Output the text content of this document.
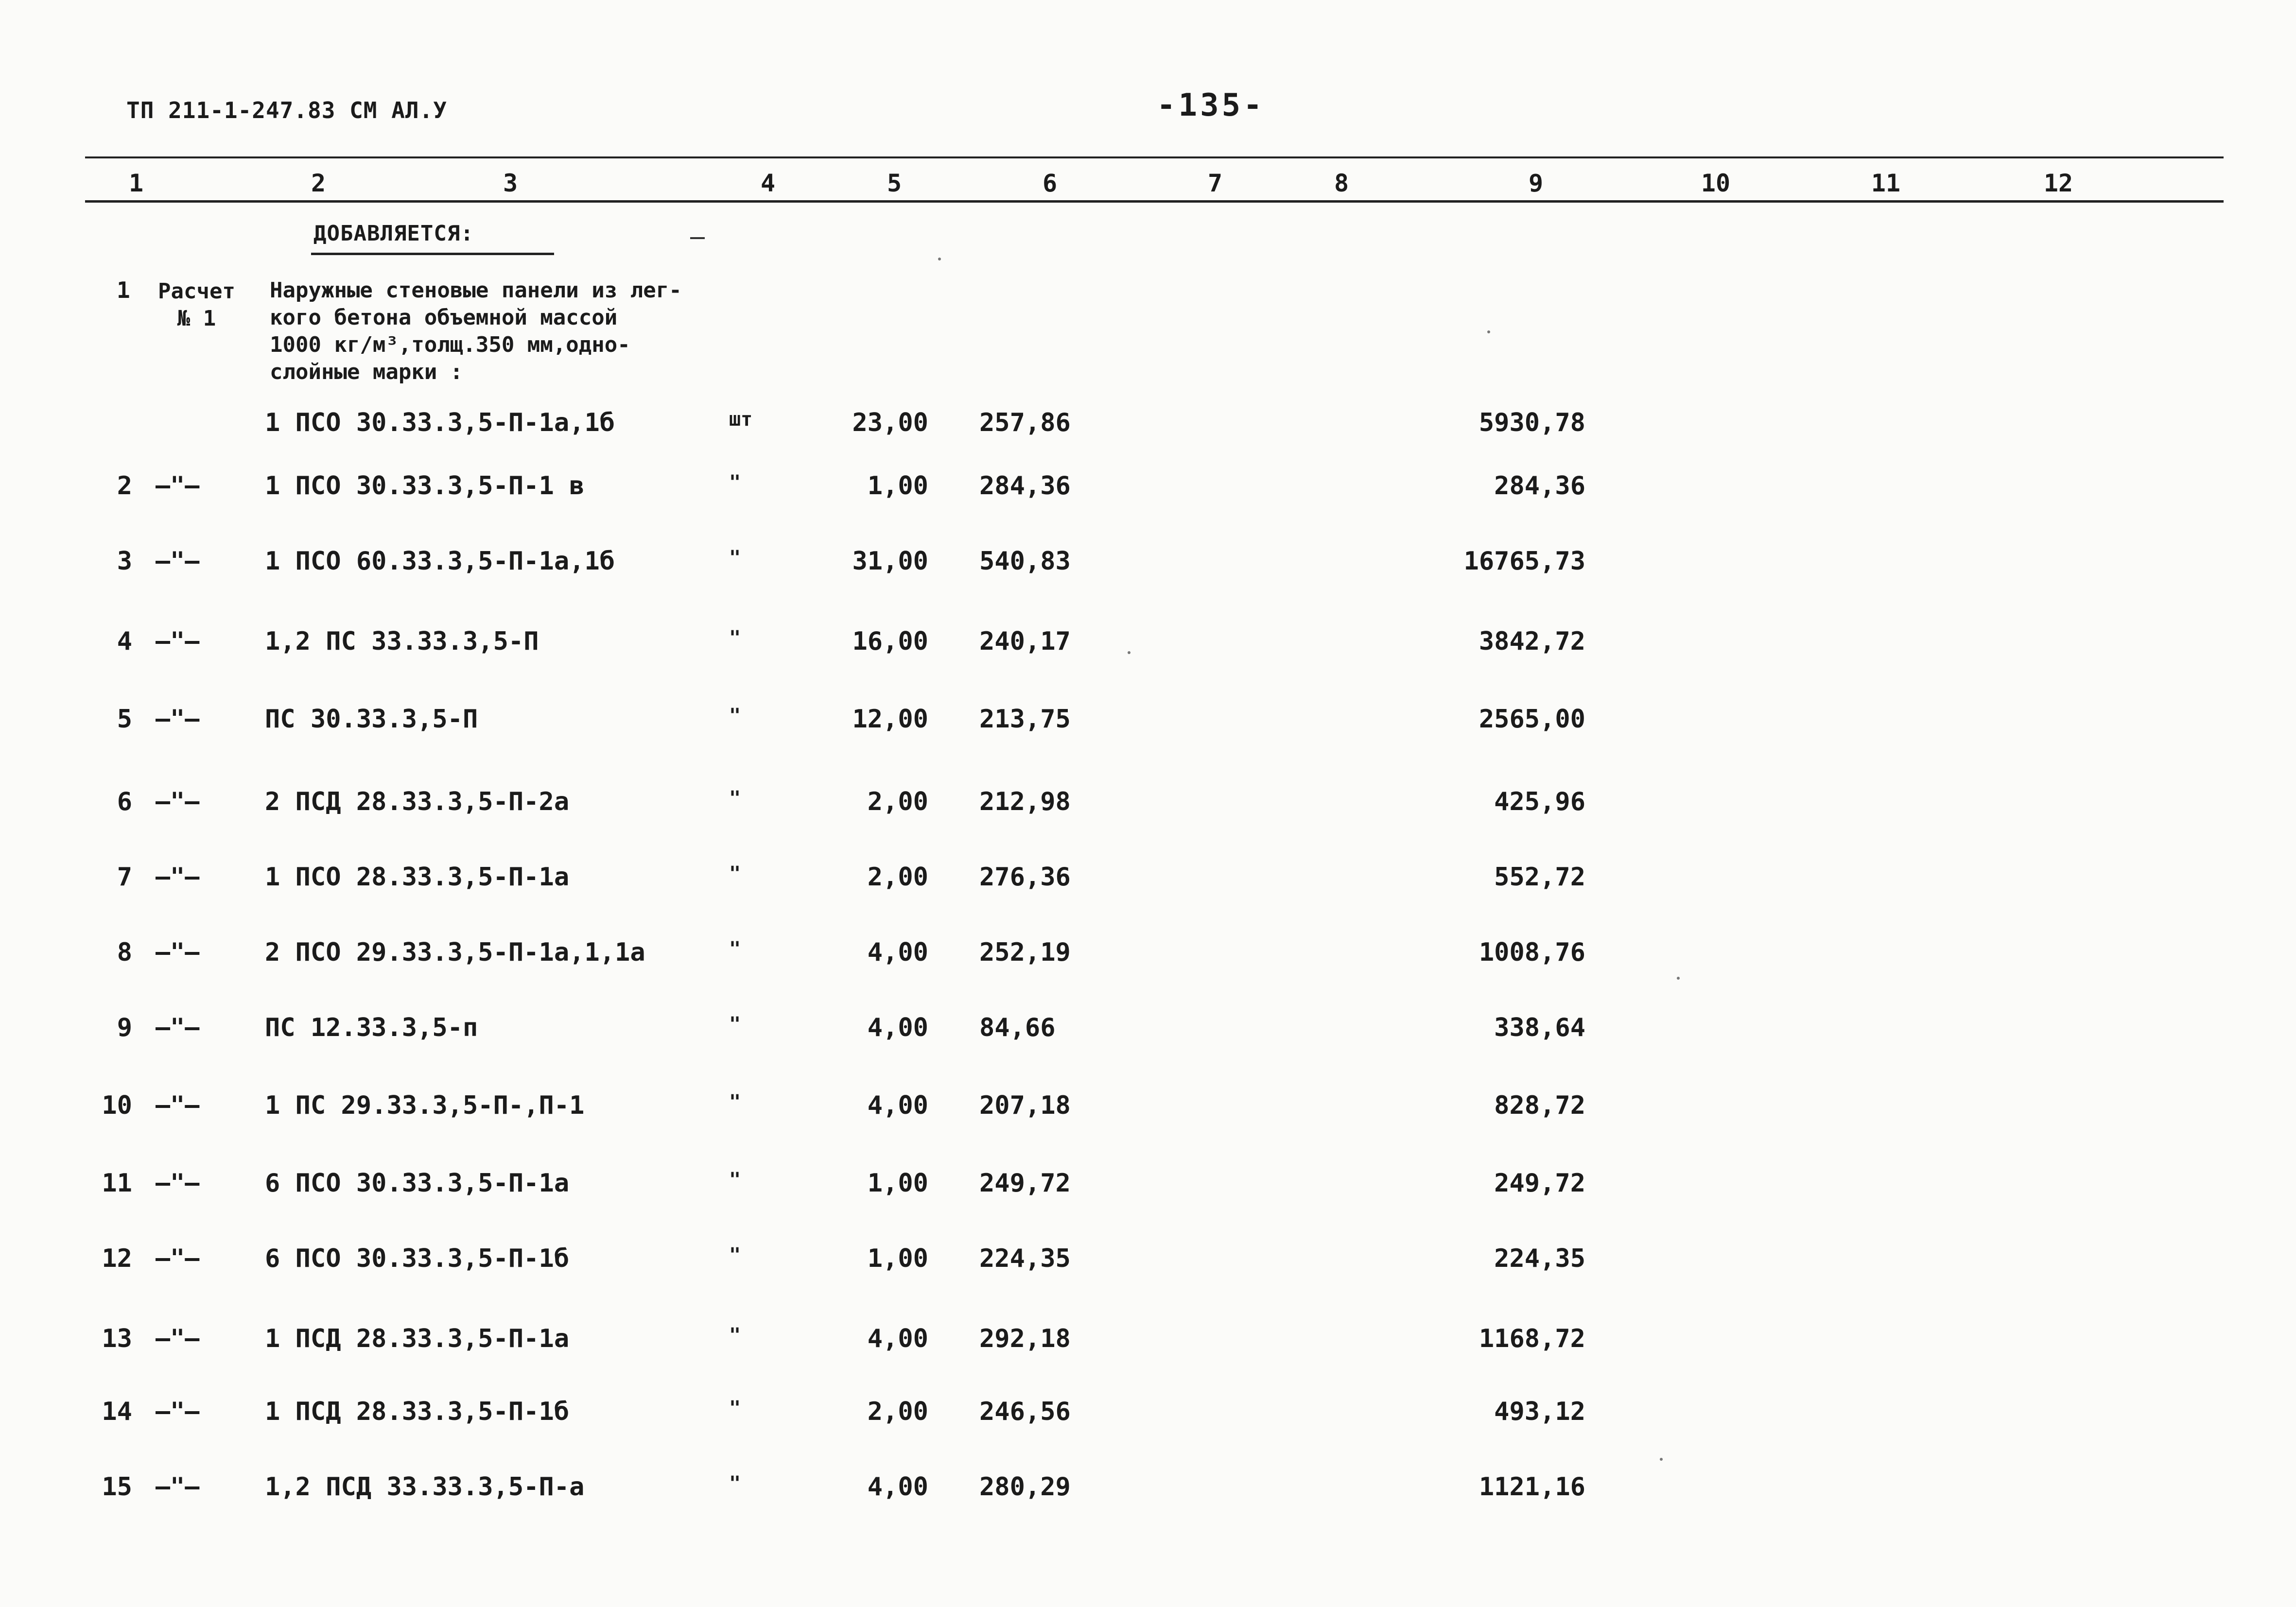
ТП 211-1-247.83 СМ АЛ.У	-135-
1	2	3	4	5	6	7	8	9	10	11	12
ДОБАВЛЯЕТСЯ:
1 Расчет
№ 1
Наружные стеновые панели из лег-
кого бетона объемной массой
1000 кг/м³,толщ.350 мм,одно-
слойные марки :
1 ПСО 30.33.3,5-П-1а,1б	шт	23,00 257,86	5930,78
2 —"—	1 ПСО 30.33.3,5-П-1 в	"	1,00 284,36	284,36
3 —"—	1 ПСО 60.33.3,5-П-1а,1б	"	31,00 540,83	16765,73
4 —"—	1,2 ПС 33.33.3,5-П	"	16,00 240,17	3842,72
5 —"—	ПС 30.33.3,5-П	"	12,00 213,75	2565,00
6 —"—	2 ПСД 28.33.3,5-П-2а	"	2,00 212,98	425,96
7 —"—	1 ПСО 28.33.3,5-П-1а	"	2,00 276,36	552,72
8 —"—	2 ПСО 29.33.3,5-П-1а,1,1а	"	4,00 252,19	1008,76
9 —"—	ПС 12.33.3,5-п	"	4,00 84,66	338,64
10 —"—	1 ПС 29.33.3,5-П-,П-1	"	4,00 207,18	828,72
11 —"—	6 ПСО 30.33.3,5-П-1а	"	1,00 249,72	249,72
12 —"—	6 ПСО 30.33.3,5-П-1б	"	1,00 224,35	224,35
13 —"—	1 ПСД 28.33.3,5-П-1а	"	4,00 292,18	1168,72
14 —"—	1 ПСД 28.33.3,5-П-1б	"	2,00 246,56	493,12
15 —"—	1,2 ПСД 33.33.3,5-П-а	"	4,00 280,29	1121,16
